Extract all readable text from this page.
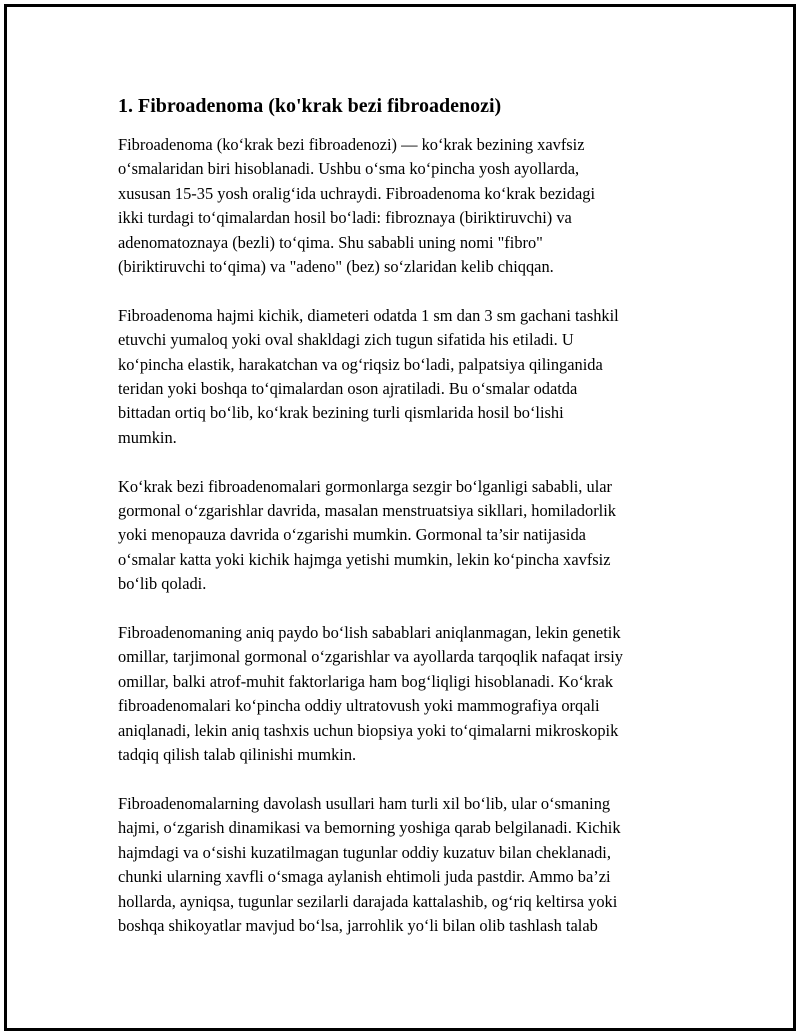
1. Fibroadenoma (ko'krak bezi fibroadenozi)

Fibroadenoma (ko‘krak bezi fibroadenozi) — ko‘krak bezining xavfsiz
o‘smalaridan biri hisoblanadi. Ushbu o‘sma ko‘pincha yosh ayollarda,
xususan 15-35 yosh oralig‘ida uchraydi. Fibroadenoma ko‘krak bezidagi
ikki turdagi to‘qimalardan hosil bo‘ladi: fibroznaya (biriktiruvchi) va
adenomatoznaya (bezli) to‘qima. Shu sababli uning nomi "fibro"
(biriktiruvchi to‘qima) va "adeno" (bez) so‘zlaridan kelib chiqqan.

Fibroadenoma hajmi kichik, diameteri odatda 1 sm dan 3 sm gachani tashkil
etuvchi yumaloq yoki oval shakldagi zich tugun sifatida his etiladi. U
ko‘pincha elastik, harakatchan va og‘riqsiz bo‘ladi, palpatsiya qilinganida
teridan yoki boshqa to‘qimalardan oson ajratiladi. Bu o‘smalar odatda
bittadan ortiq bo‘lib, ko‘krak bezining turli qismlarida hosil bo‘lishi
mumkin.

Ko‘krak bezi fibroadenomalari gormonlarga sezgir bo‘lganligi sababli, ular
gormonal o‘zgarishlar davrida, masalan menstruatsiya sikllari, homiladorlik
yoki menopauza davrida o‘zgarishi mumkin. Gormonal ta’sir natijasida
o‘smalar katta yoki kichik hajmga yetishi mumkin, lekin ko‘pincha xavfsiz
bo‘lib qoladi.

Fibroadenomaning aniq paydo bo‘lish sabablari aniqlanmagan, lekin genetik
omillar, tarjimonal gormonal o‘zgarishlar va ayollarda tarqoqlik nafaqat irsiy
omillar, balki atrof-muhit faktorlariga ham bog‘liqligi hisoblanadi. Ko‘krak
fibroadenomalari ko‘pincha oddiy ultratovush yoki mammografiya orqali
aniqlanadi, lekin aniq tashxis uchun biopsiya yoki to‘qimalarni mikroskopik
tadqiq qilish talab qilinishi mumkin.

Fibroadenomalarning davolash usullari ham turli xil bo‘lib, ular o‘smaning
hajmi, o‘zgarish dinamikasi va bemorning yoshiga qarab belgilanadi. Kichik
hajmdagi va o‘sishi kuzatilmagan tugunlar oddiy kuzatuv bilan cheklanadi,
chunki ularning xavfli o‘smaga aylanish ehtimoli juda pastdir. Ammo ba’zi
hollarda, ayniqsa, tugunlar sezilarli darajada kattalashib, og‘riq keltirsa yoki
boshqa shikoyatlar mavjud bo‘lsa, jarrohlik yo‘li bilan olib tashlash talab
